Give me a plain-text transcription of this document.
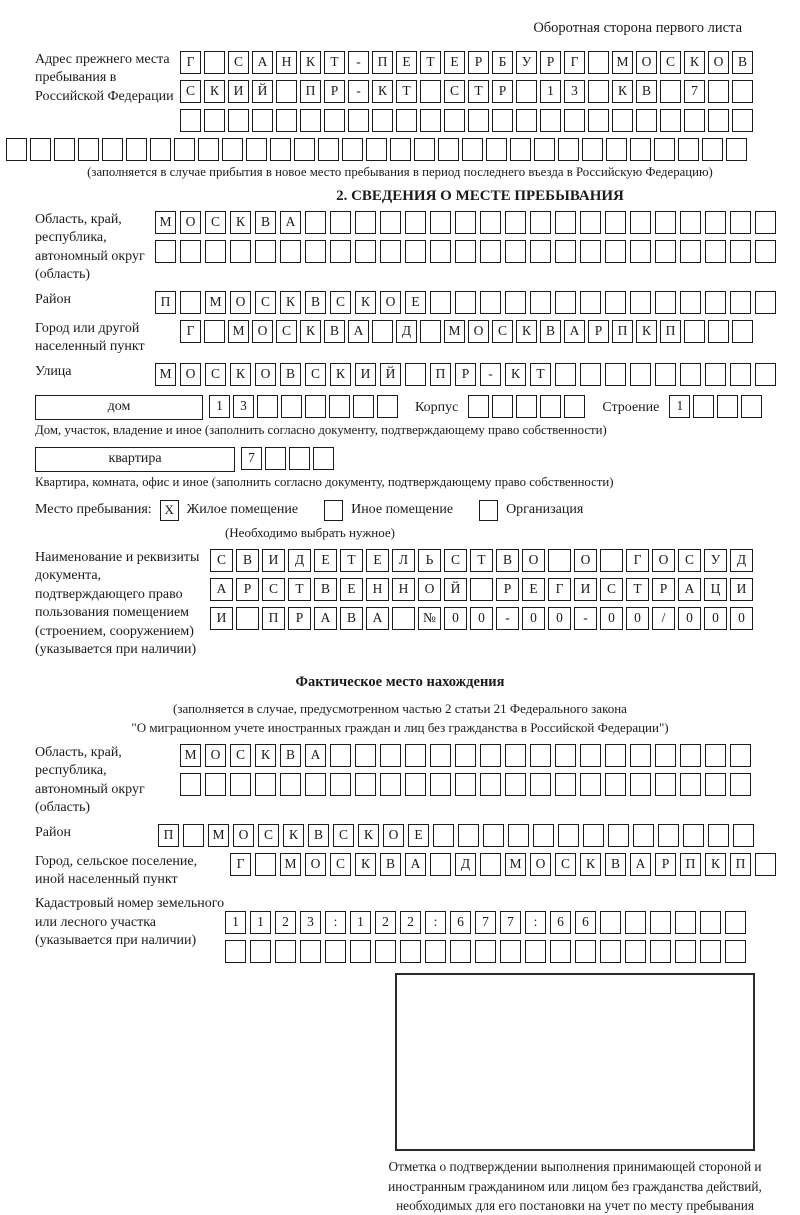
Оборотная сторона первого листа
Адрес прежнего места пребывания в Российской Федерации
Г	С	А	Н	К	Т	-	П	Е	Т	Е	Р	Б	У	Р	Г	М О	С	К	О	В
С	К	И	Й	П	Р	-	К	Т	С	Т	Р	1	3	К	В	7
(заполняется в случае прибытия в новое место пребывания в период последнего въезда в Российскую Федерацию)
2. СВЕДЕНИЯ О МЕСТЕ ПРЕБЫВАНИЯ
Область, край, республика, автономный округ (область)
М	О	С	К	В	А
Район	П	М	О	С	К	В	С	К	О	Е
Город или другой населенный пункт
Г	М О	С	К	В	А	Д	М О	С	К	В	А	Р	П	К	П
Улица	М	О	С	К	О	В	С	К	И	Й	П	Р	-	К	Т
дом	1	3	Корпус	Строение	1
Дом, участок, владение и иное (заполнить согласно документу, подтверждающему право собственности)
квартира	7
Квартира, комната, офис и иное (заполнить согласно документу, подтверждающему право собственности)
Место пребывания: X Жилое помещение	Иное помещение	Организация
(Необходимо выбрать нужное)
Наименование и реквизиты документа, подтверждающего право пользования помещением (строением, сооружением) (указывается при наличии)
С	В	И	Д	Е	Т	Е	Л	Ь	С	Т	В	О	О	Г	О	С	У	Д
А	Р	С	Т	В	Е	Н	Н	О	Й	Р	Е	Г	И	С	Т	Р	А	Ц	И
И	П	Р	А	В	А	№	0	0	-	0	0	-	0	0	/	0	0	0
Фактическое место нахождения
(заполняется в случае, предусмотренном частью 2 статьи 21 Федерального закона
"О миграционном учете иностранных граждан и лиц без гражданства в Российской Федерации")
Область, край, республика, автономный округ (область)
М	О	С	К	В	А
Район	П	М	О	С	К	В	С	К	О	Е
Город, сельское поселение, иной населенный пункт
Г	М	О	С	К	В	А	Д	М	О	С	К	В	А	Р	П	К	П
Кадастровый номер земельного или лесного участка (указывается при наличии)
1	1	2	3	:	1	2	2	:	6	7	7	:	6	6
Отметка о подтверждении выполнения принимающей стороной и иностранным гражданином или лицом без гражданства действий, необходимых для его постановки на учет по месту пребывания
